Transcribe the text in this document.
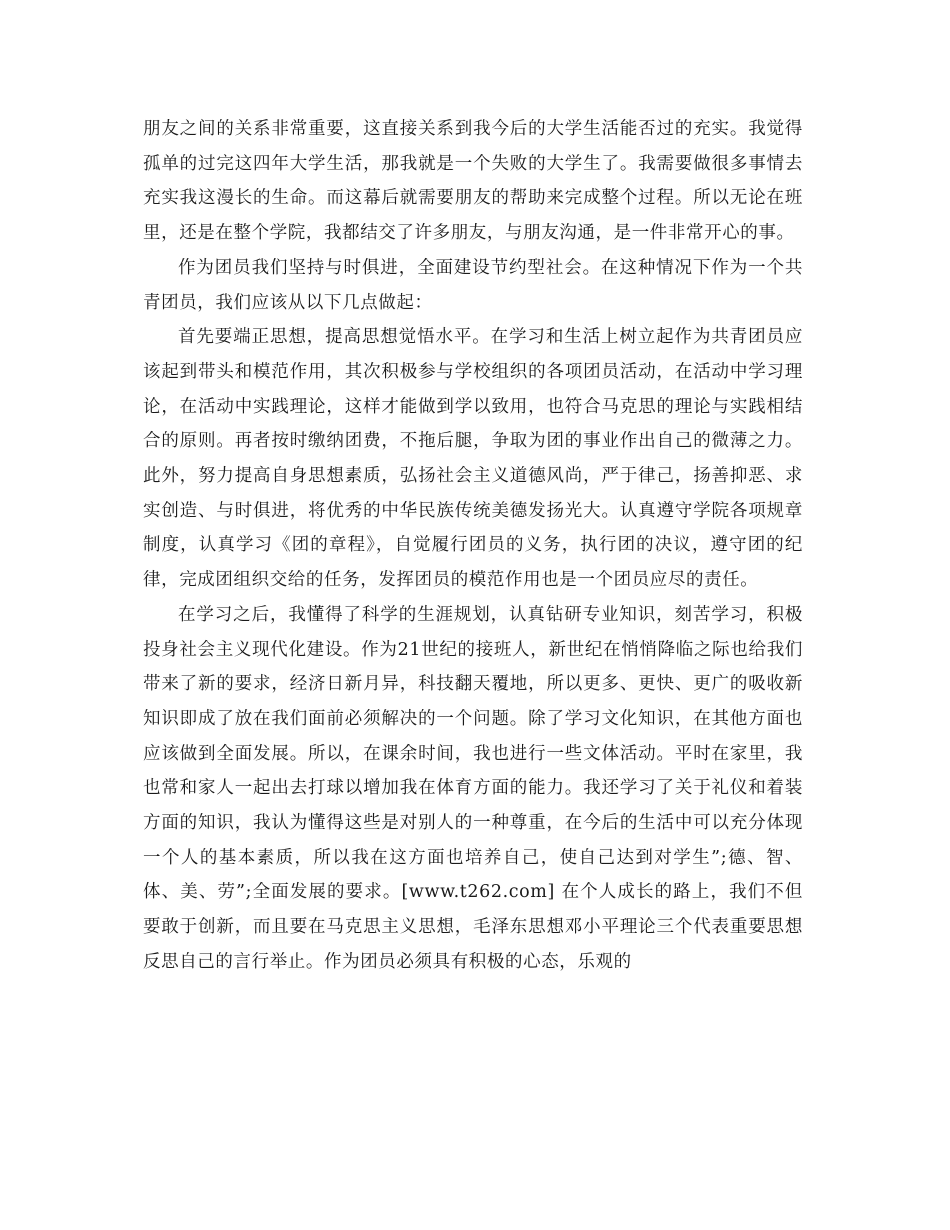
朋友之间的关系非常重要，这直接关系到我今后的大学生活能否过的充实。我觉得孤单的过完这四年大学生活，那我就是一个失败的大学生了。我需要做很多事情去充实我这漫长的生命。而这幕后就需要朋友的帮助来完成整个过程。所以无论在班里，还是在整个学院，我都结交了许多朋友，与朋友沟通，是一件非常开心的事。

作为团员我们坚持与时俱进，全面建设节约型社会。在这种情况下作为一个共青团员，我们应该从以下几点做起：

首先要端正思想，提高思想觉悟水平。在学习和生活上树立起作为共青团员应该起到带头和模范作用，其次积极参与学校组织的各项团员活动，在活动中学习理论，在活动中实践理论，这样才能做到学以致用，也符合马克思的理论与实践相结合的原则。再者按时缴纳团费，不拖后腿，争取为团的事业作出自己的微薄之力。此外，努力提高自身思想素质，弘扬社会主义道德风尚，严于律己，扬善抑恶、求实创造、与时俱进，将优秀的中华民族传统美德发扬光大。认真遵守学院各项规章制度，认真学习《团的章程》，自觉履行团员的义务，执行团的决议，遵守团的纪律，完成团组织交给的任务，发挥团员的模范作用也是一个团员应尽的责任。

在学习之后，我懂得了科学的生涯规划，认真钻研专业知识，刻苦学习，积极投身社会主义现代化建设。作为21世纪的接班人，新世纪在悄悄降临之际也给我们带来了新的要求，经济日新月异，科技翻天覆地，所以更多、更快、更广的吸收新知识即成了放在我们面前必须解决的一个问题。除了学习文化知识，在其他方面也应该做到全面发展。所以，在课余时间，我也进行一些文体活动。平时在家里，我也常和家人一起出去打球以增加我在体育方面的能力。我还学习了关于礼仪和着装方面的知识，我认为懂得这些是对别人的一种尊重，在今后的生活中可以充分体现一个人的基本素质，所以我在这方面也培养自己，使自己达到对学生”;德、智、体、美、劳”;全面发展的要求。[www.t262.com] 在个人成长的路上，我们不但要敢于创新，而且要在马克思主义思想，毛泽东思想邓小平理论三个代表重要思想反思自己的言行举止。作为团员必须具有积极的心态，乐观的
